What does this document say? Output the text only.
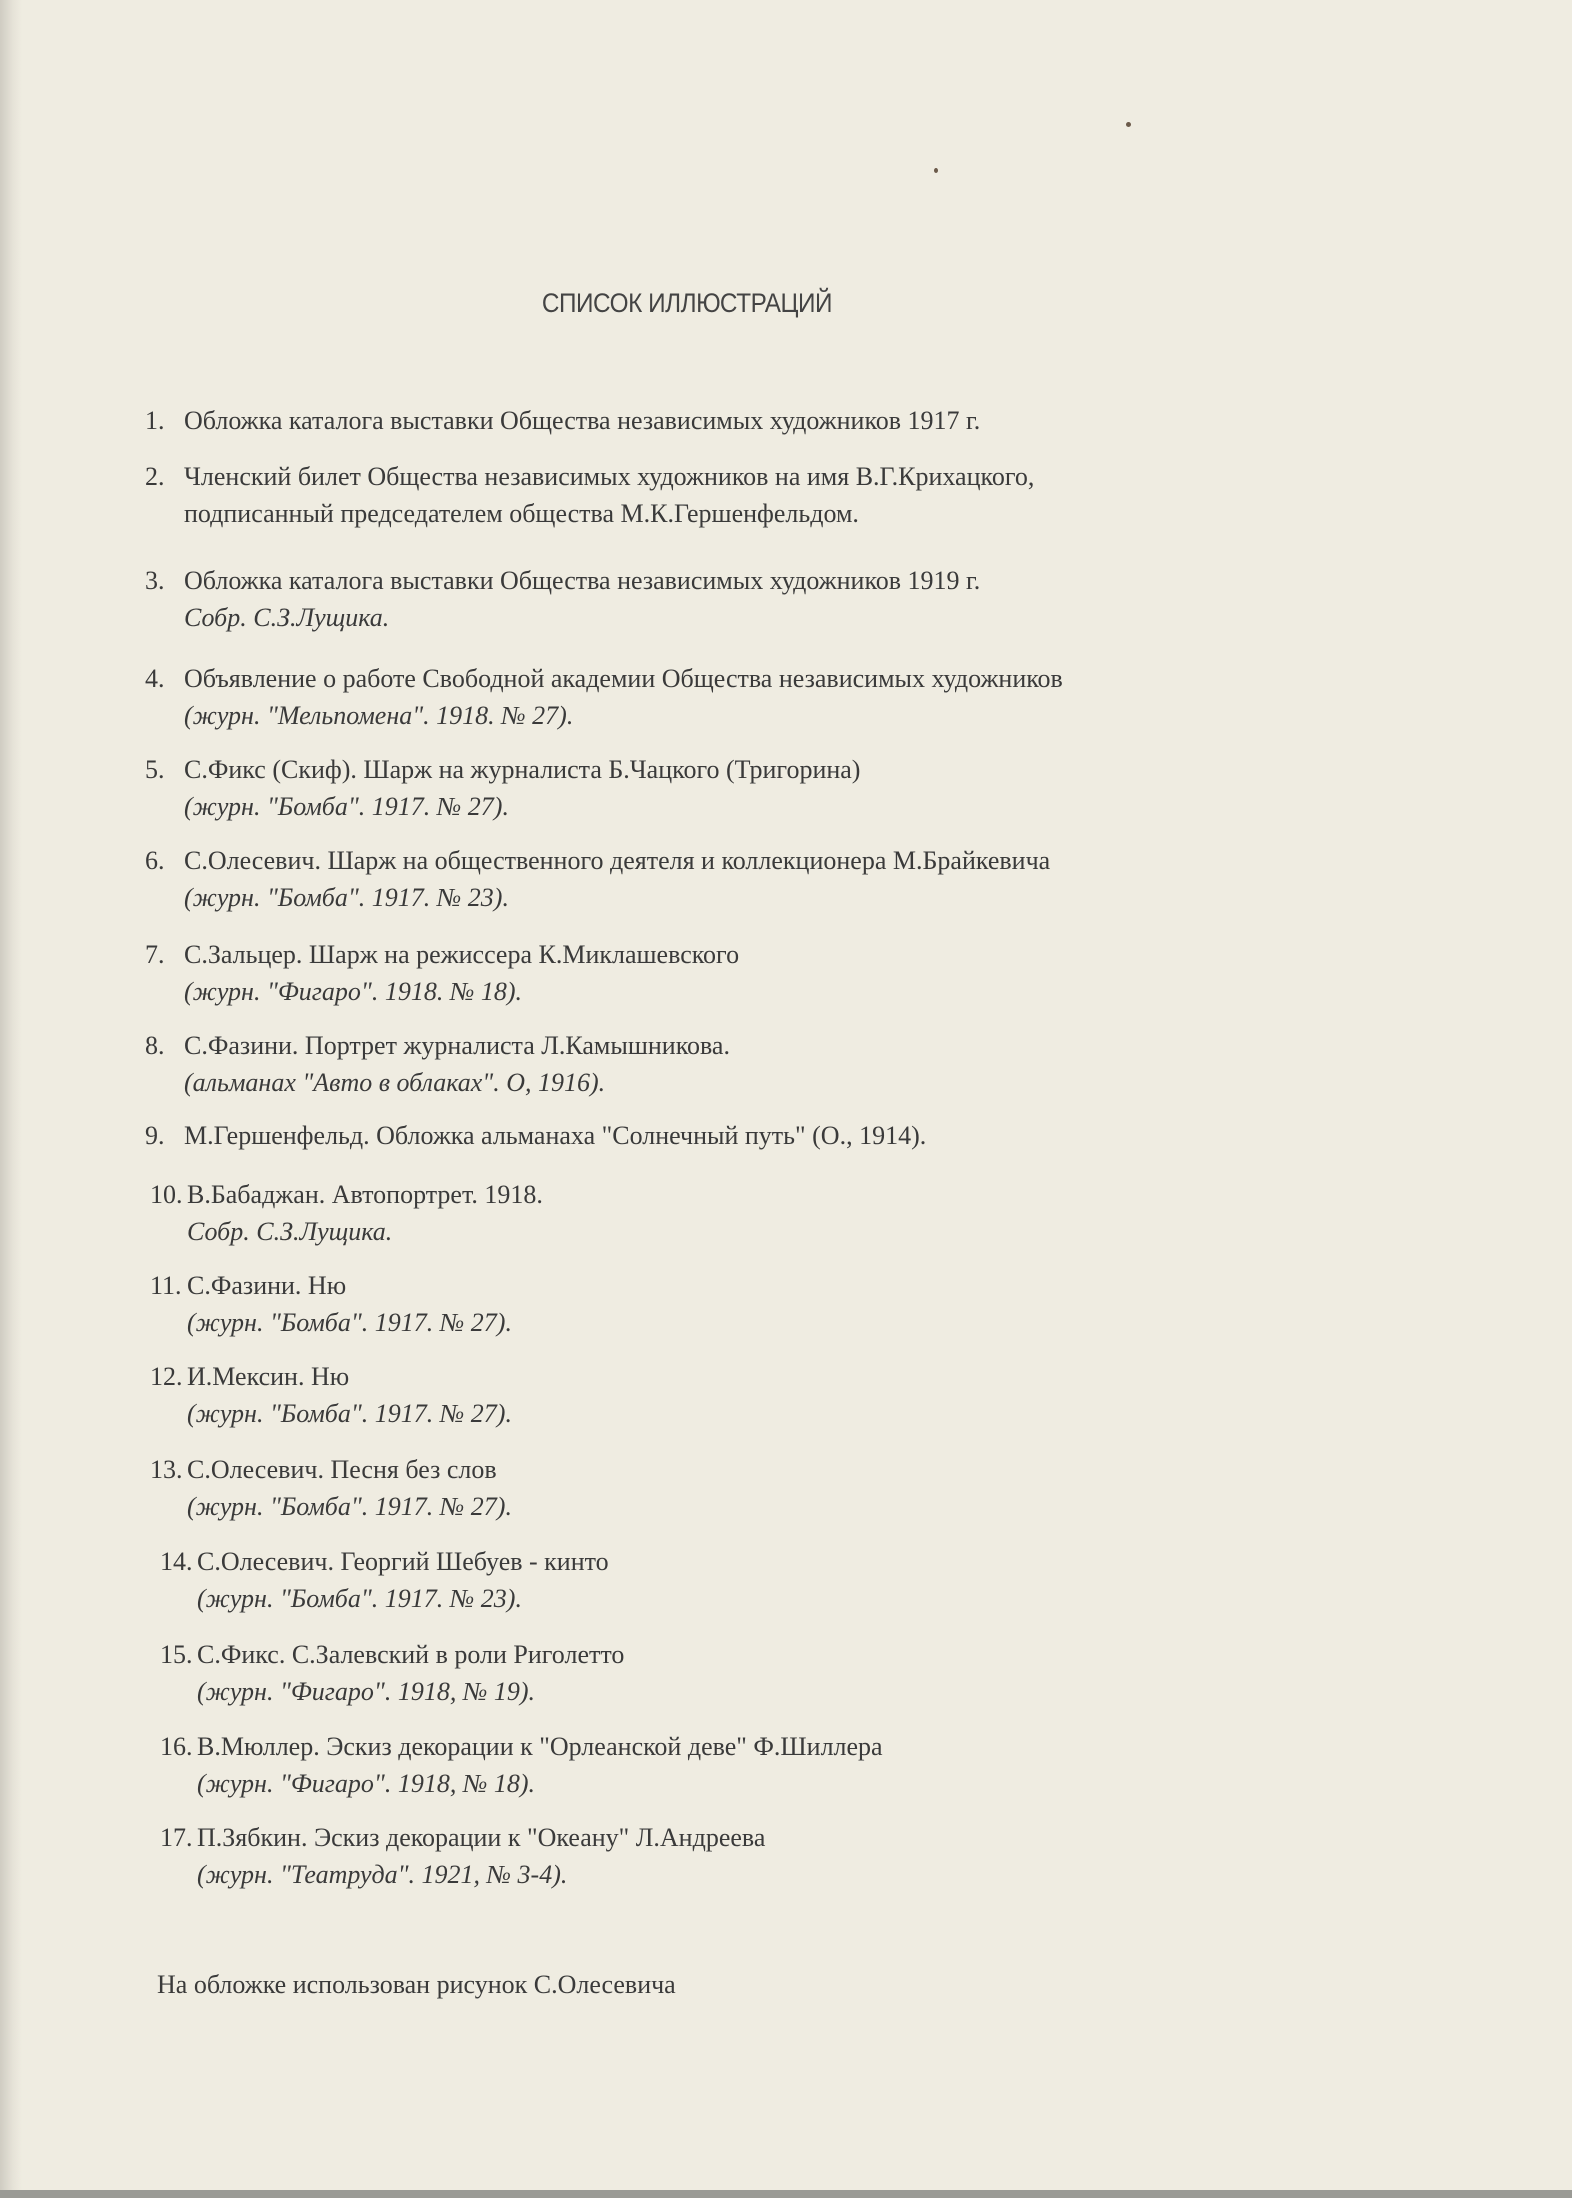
СПИСОК ИЛЛЮСТРАЦИЙ
1. Обложка каталога выставки Общества независимых художников 1917 г.
2. Членский билет Общества независимых художников на имя В.Г.Крихацкого,
подписанный председателем общества М.К.Гершенфельдом.
3. Обложка каталога выставки Общества независимых художников 1919 г.
Собр. С.З.Лущика.
4. Объявление о работе Свободной академии Общества независимых художников
(журн. "Мельпомена". 1918. № 27).
5. С.Фикс (Скиф). Шарж на журналиста Б.Чацкого (Тригорина)
(журн. "Бомба". 1917. № 27).
6. С.Олесевич. Шарж на общественного деятеля и коллекционера М.Брайкевича
(журн. "Бомба". 1917. № 23).
7. С.Зальцер. Шарж на режиссера К.Миклашевского
(журн. "Фигаро". 1918. № 18).
8. С.Фазини. Портрет журналиста Л.Камышникова.
(альманах "Авто в облаках". О, 1916).
9. М.Гершенфельд. Обложка альманаха "Солнечный путь" (О., 1914).
10. В.Бабаджан. Автопортрет. 1918.
Собр. С.З.Лущика.
11. С.Фазини. Ню
(журн. "Бомба". 1917. № 27).
12. И.Мексин. Ню
(журн. "Бомба". 1917. № 27).
13. С.Олесевич. Песня без слов
(журн. "Бомба". 1917. № 27).
14. С.Олесевич. Георгий Шебуев - кинто
(журн. "Бомба". 1917. № 23).
15. С.Фикс. С.Залевский в роли Риголетто
(журн. "Фигаро". 1918, № 19).
16. В.Мюллер. Эскиз декорации к "Орлеанской деве" Ф.Шиллера
(журн. "Фигаро". 1918, № 18).
17. П.Зябкин. Эскиз декорации к "Океану" Л.Андреева
(журн. "Театруда". 1921, № 3-4).
На обложке использован рисунок С.Олесевича
